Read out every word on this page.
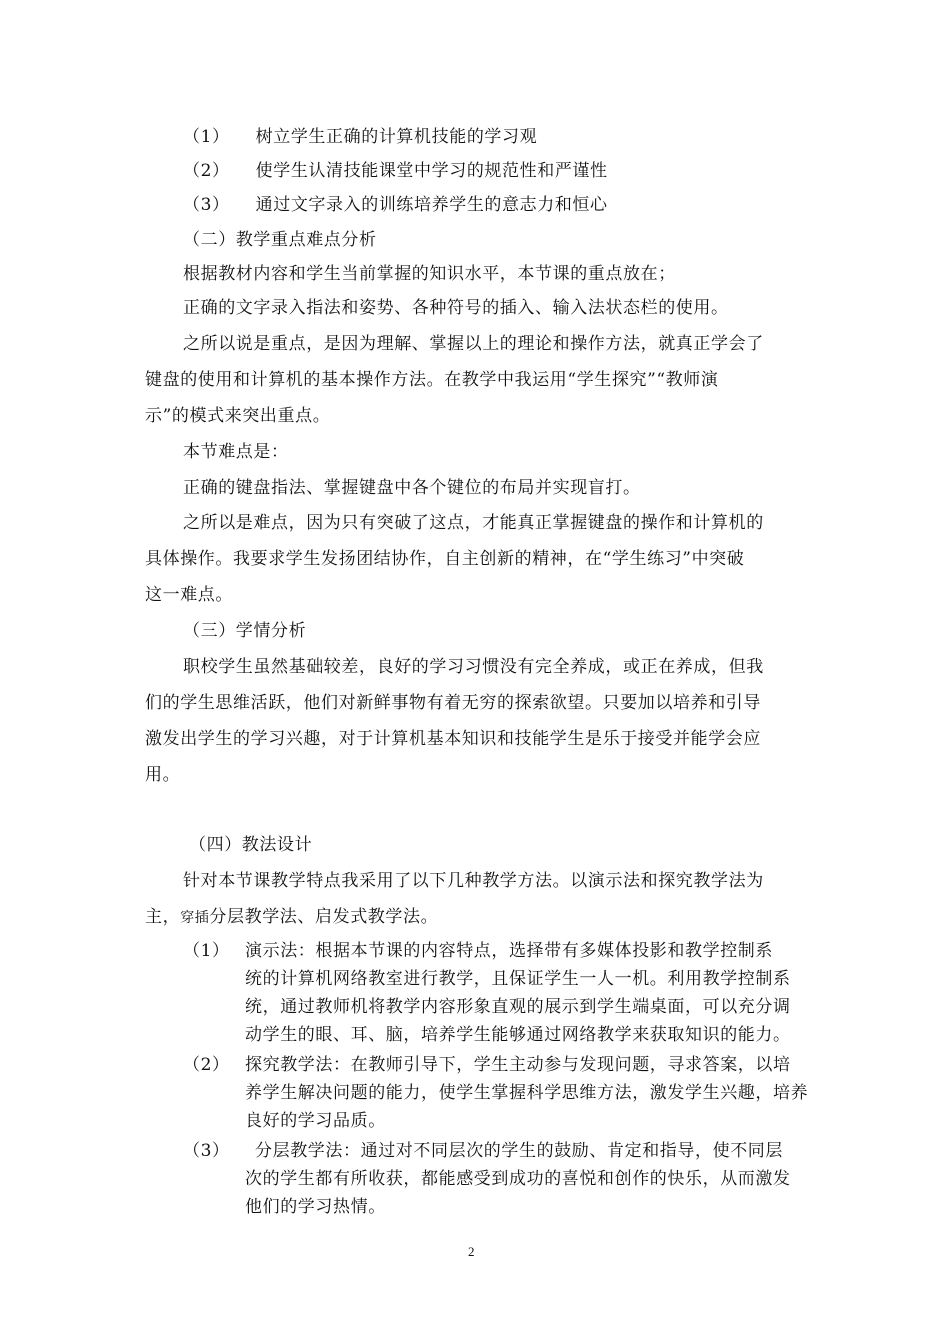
（1） 树立学生正确的计算机技能的学习观
（2） 使学生认清技能课堂中学习的规范性和严谨性
（3） 通过文字录入的训练培养学生的意志力和恒心
（二）教学重点难点分析
根据教材内容和学生当前掌握的知识水平，本节课的重点放在；
正确的文字录入指法和姿势、各种符号的插入、输入法状态栏的使用。
之所以说是重点，是因为理解、掌握以上的理论和操作方法，就真正学会了
键盘的使用和计算机的基本操作方法。在教学中我运用“学生探究”“教师演
示”的模式来突出重点。
本节难点是：
正确的键盘指法、掌握键盘中各个键位的布局并实现盲打。
之所以是难点，因为只有突破了这点，才能真正掌握键盘的操作和计算机的
具体操作。我要求学生发扬团结协作，自主创新的精神，在“学生练习”中突破
这一难点。
（三）学情分析
职校学生虽然基础较差，良好的学习习惯没有完全养成，或正在养成，但我
们的学生思维活跃，他们对新鲜事物有着无穷的探索欲望。只要加以培养和引导
激发出学生的学习兴趣，对于计算机基本知识和技能学生是乐于接受并能学会应
用。
（四）教法设计
针对本节课教学特点我采用了以下几种教学方法。以演示法和探究教学法为
主，穿插分层教学法、启发式教学法。
（1） 演示法：根据本节课的内容特点，选择带有多媒体投影和教学控制系
统的计算机网络教室进行教学，且保证学生一人一机。利用教学控制系
统，通过教师机将教学内容形象直观的展示到学生端桌面，可以充分调
动学生的眼、耳、脑，培养学生能够通过网络教学来获取知识的能力。
（2） 探究教学法：在教师引导下，学生主动参与发现问题，寻求答案，以培
养学生解决问题的能力，使学生掌握科学思维方法，激发学生兴趣，培养
良好的学习品质。
（3） 分层教学法：通过对不同层次的学生的鼓励、肯定和指导，使不同层
次的学生都有所收获，都能感受到成功的喜悦和创作的快乐，从而激发
他们的学习热情。
2
